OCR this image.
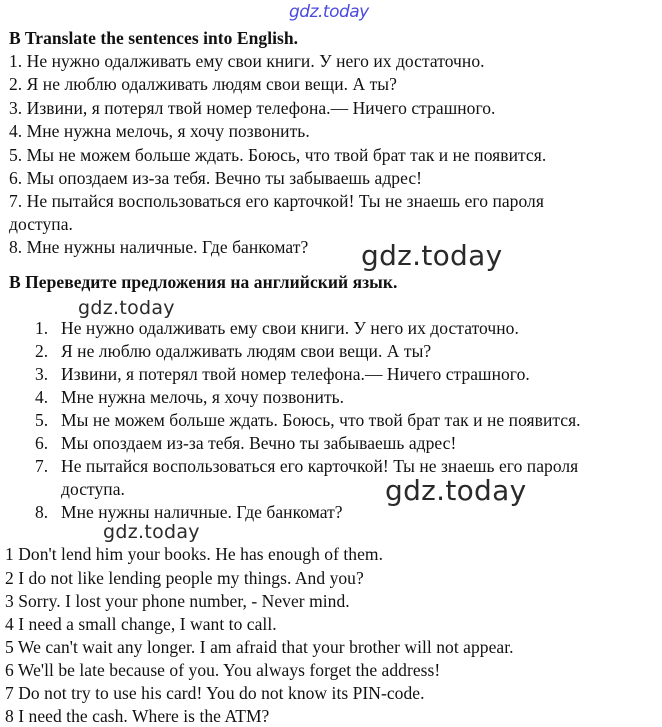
gdz.today
gdz.today
gdz.today
gdz.today
gdz.today
B Translate the sentences into English.
1. Не нужно одалживать ему свои книги. У него их достаточно.
2. Я не люблю одалживать людям свои вещи. А ты?
3. Извини, я потерял твой номер телефона.— Ничего страшного.
4. Мне нужна мелочь, я хочу позвонить.
5. Мы не можем больше ждать. Боюсь, что твой брат так и не появится.
6. Мы опоздаем из-за тебя. Вечно ты забываешь адрес!
7. Не пытайся воспользоваться его карточкой! Ты не знаешь его пароля
доступа.
8. Мне нужны наличные. Где банкомат?
B Переведите предложения на английский язык.
1. Не нужно одалживать ему свои книги. У него их достаточно.
2. Я не люблю одалживать людям свои вещи. А ты?
3. Извини, я потерял твой номер телефона.— Ничего страшного.
4. Мне нужна мелочь, я хочу позвонить.
5. Мы не можем больше ждать. Боюсь, что твой брат так и не появится.
6. Мы опоздаем из-за тебя. Вечно ты забываешь адрес!
7. Не пытайся воспользоваться его карточкой! Ты не знаешь его пароля
доступа.
8. Мне нужны наличные. Где банкомат?
1 Don't lend him your books. He has enough of them.
2 I do not like lending people my things. And you?
3 Sorry. I lost your phone number, - Never mind.
4 I need a small change, I want to call.
5 We can't wait any longer. I am afraid that your brother will not appear.
6 We'll be late because of you. You always forget the address!
7 Do not try to use his card! You do not know its PIN-code.
8 I need the cash. Where is the ATM?
